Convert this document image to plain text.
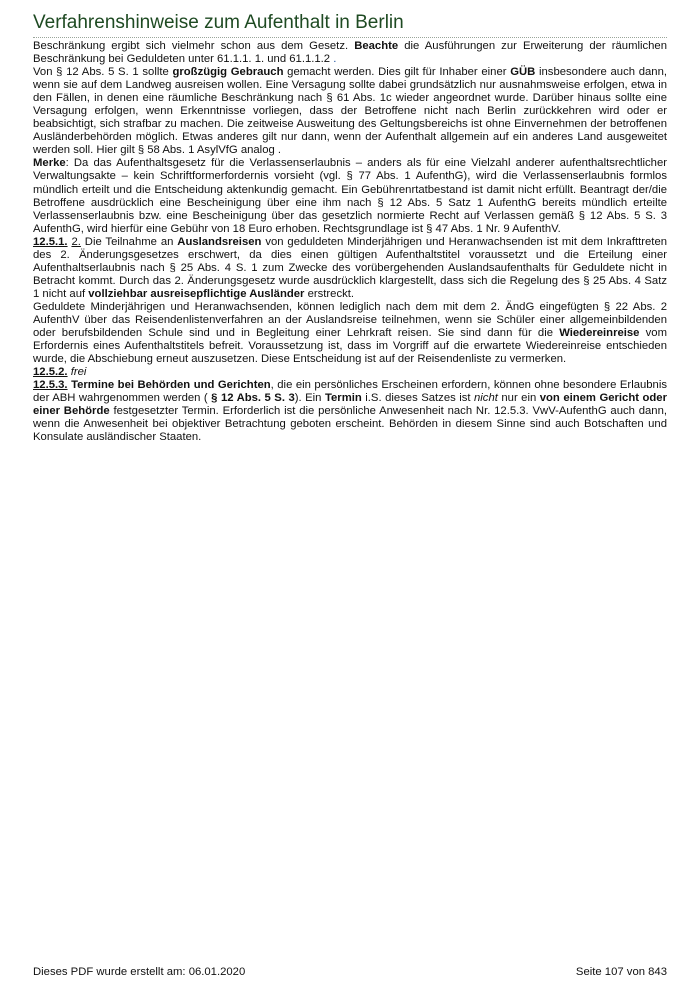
Verfahrenshinweise zum Aufenthalt in Berlin

Beschränkung ergibt sich vielmehr schon aus dem Gesetz. Beachte die Ausführungen zur Erweiterung der räumlichen Beschränkung bei Geduldeten unter 61.1.1. 1. und 61.1.1.2 .

Von § 12 Abs. 5 S. 1 sollte großzügig Gebrauch gemacht werden. Dies gilt für Inhaber einer GÜB insbesondere auch dann, wenn sie auf dem Landweg ausreisen wollen. Eine Versagung sollte dabei grundsätzlich nur ausnahmsweise erfolgen, etwa in den Fällen, in denen eine räumliche Beschränkung nach § 61 Abs. 1c wieder angeordnet wurde. Darüber hinaus sollte eine Versagung erfolgen, wenn Erkenntnisse vorliegen, dass der Betroffene nicht nach Berlin zurückkehren wird oder er beabsichtigt, sich strafbar zu machen. Die zeitweise Ausweitung des Geltungsbereichs ist ohne Einvernehmen der betroffenen Ausländerbehörden möglich. Etwas anderes gilt nur dann, wenn der Aufenthalt allgemein auf ein anderes Land ausgeweitet werden soll. Hier gilt § 58 Abs. 1 AsylVfG analog .

Merke: Da das Aufenthaltsgesetz für die Verlassenserlaubnis – anders als für eine Vielzahl anderer aufenthaltsrechtlicher Verwaltungsakte – kein Schriftformerfordernis vorsieht (vgl. § 77 Abs. 1 AufenthG), wird die Verlassenserlaubnis formlos mündlich erteilt und die Entscheidung aktenkundig gemacht. Ein Gebührenrtatbestand ist damit nicht erfüllt. Beantragt der/die Betroffene ausdrücklich eine Bescheinigung über eine ihm nach § 12 Abs. 5 Satz 1 AufenthG bereits mündlich erteilte Verlassenserlaubnis bzw. eine Bescheinigung über das gesetzlich normierte Recht auf Verlassen gemäß § 12 Abs. 5 S. 3 AufenthG, wird hierfür eine Gebühr von 18 Euro erhoben. Rechtsgrundlage ist § 47 Abs. 1 Nr. 9 AufenthV.

12.5.1. 2. Die Teilnahme an Auslandsreisen von geduldeten Minderjährigen und Heranwachsenden ist mit dem Inkrafttreten des 2. Änderungsgesetzes erschwert, da dies einen gültigen Aufenthaltstitel voraussetzt und die Erteilung einer Aufenthaltserlaubnis nach § 25 Abs. 4 S. 1 zum Zwecke des vorübergehenden Auslandsaufenthalts für Geduldete nicht in Betracht kommt. Durch das 2. Änderungsgesetz wurde ausdrücklich klargestellt, dass sich die Regelung des § 25 Abs. 4 Satz 1 nicht auf vollziehbar ausreisepflichtige Ausländer erstreckt.

Geduldete Minderjährigen und Heranwachsenden, können lediglich nach dem mit dem 2. ÄndG eingefügten § 22 Abs. 2 AufenthV über das Reisendenlistenverfahren an der Auslandsreise teilnehmen, wenn sie Schüler einer allgemeinbildenden oder berufsbildenden Schule sind und in Begleitung einer Lehrkraft reisen. Sie sind dann für die Wiedereinreise vom Erfordernis eines Aufenthaltstitels befreit. Voraussetzung ist, dass im Vorgriff auf die erwartete Wiedereinreise entschieden wurde, die Abschiebung erneut auszusetzen. Diese Entscheidung ist auf der Reisendenliste zu vermerken.

12.5.2. frei

12.5.3. Termine bei Behörden und Gerichten, die ein persönliches Erscheinen erfordern, können ohne besondere Erlaubnis der ABH wahrgenommen werden ( § 12 Abs. 5 S. 3). Ein Termin i.S. dieses Satzes ist nicht nur ein von einem Gericht oder einer Behörde festgesetzter Termin. Erforderlich ist die persönliche Anwesenheit nach Nr. 12.5.3. VwV-AufenthG auch dann, wenn die Anwesenheit bei objektiver Betrachtung geboten erscheint. Behörden in diesem Sinne sind auch Botschaften und Konsulate ausländischer Staaten.

Dieses PDF wurde erstellt am: 06.01.2020	Seite 107 von 843
